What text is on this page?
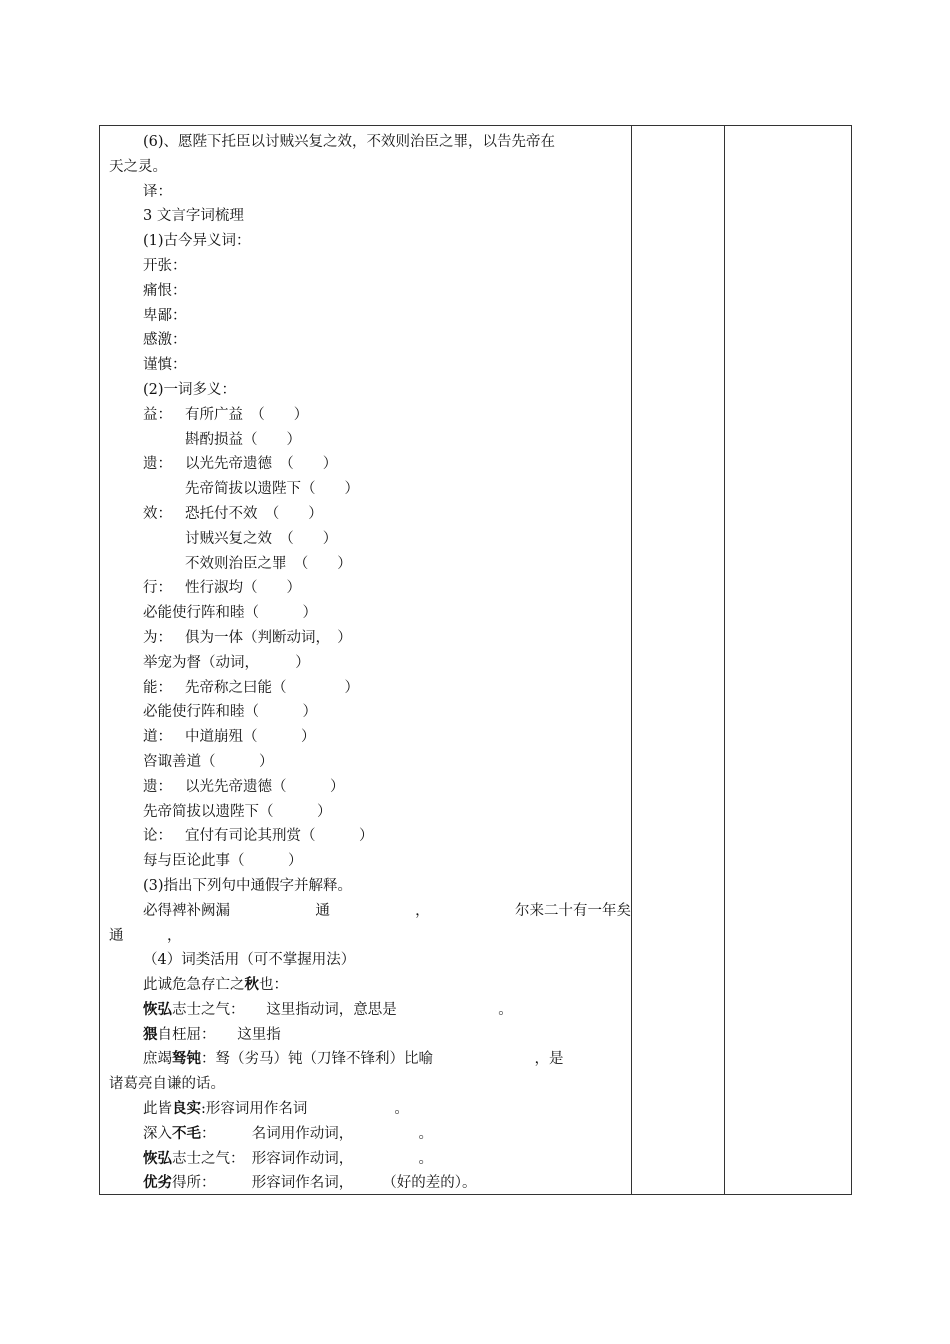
(6)、愿陛下托臣以讨贼兴复之效，不效则治臣之罪，以告先帝在
天之灵。
译：
3 文言字词梳理
(1)古今异义词：
开张：
痛恨：
卑鄙：
感激：
谨慎：
(2)一词多义：
益： 有所广益　（　　）
斟酌损益（　　）
遗： 以光先帝遗德　（　　）
先帝简拔以遗陛下（　　）
效： 恐托付不效　（　　）
讨贼兴复之效　（　　）
不效则治臣之罪　（　　）
行： 性行淑均（　　）
必能使行阵和睦（　　　）
为： 俱为一体（判断动词，　）
举宠为督（动词，　　　）
能： 先帝称之曰能（　　　　）
必能使行阵和睦（　　　）
道： 中道崩殂（　　　）
咨诹善道（　　　）
遗： 以光先帝遗德（　　　）
先帝简拔以遗陛下（　　　）
论： 宜付有司论其刑赏（　　　）
每与臣论此事（　　　）
(3)指出下列句中通假字并解释。
必得裨补阙漏	通	，	尔来二十有一年矣
通　　　，
（4）词类活用（可不掌握用法）
此诚危急存亡之秋也：
恢弘志士之气：　　这里指动词，意思是　　　　　　　。
猥自枉屈：　　这里指
庶竭驽钝：驽（劣马）钝（刀锋不锋利）比喻　　　　　　　，是
诸葛亮自谦的话。
此皆良实:形容词用作名词　　　　　　。
深入不毛：　　　名词用作动词，　　　　　。
恢弘志士之气：　形容词作动词，　　　　　。
优劣得所：　　　形容词作名词，　　　（好的差的）。
